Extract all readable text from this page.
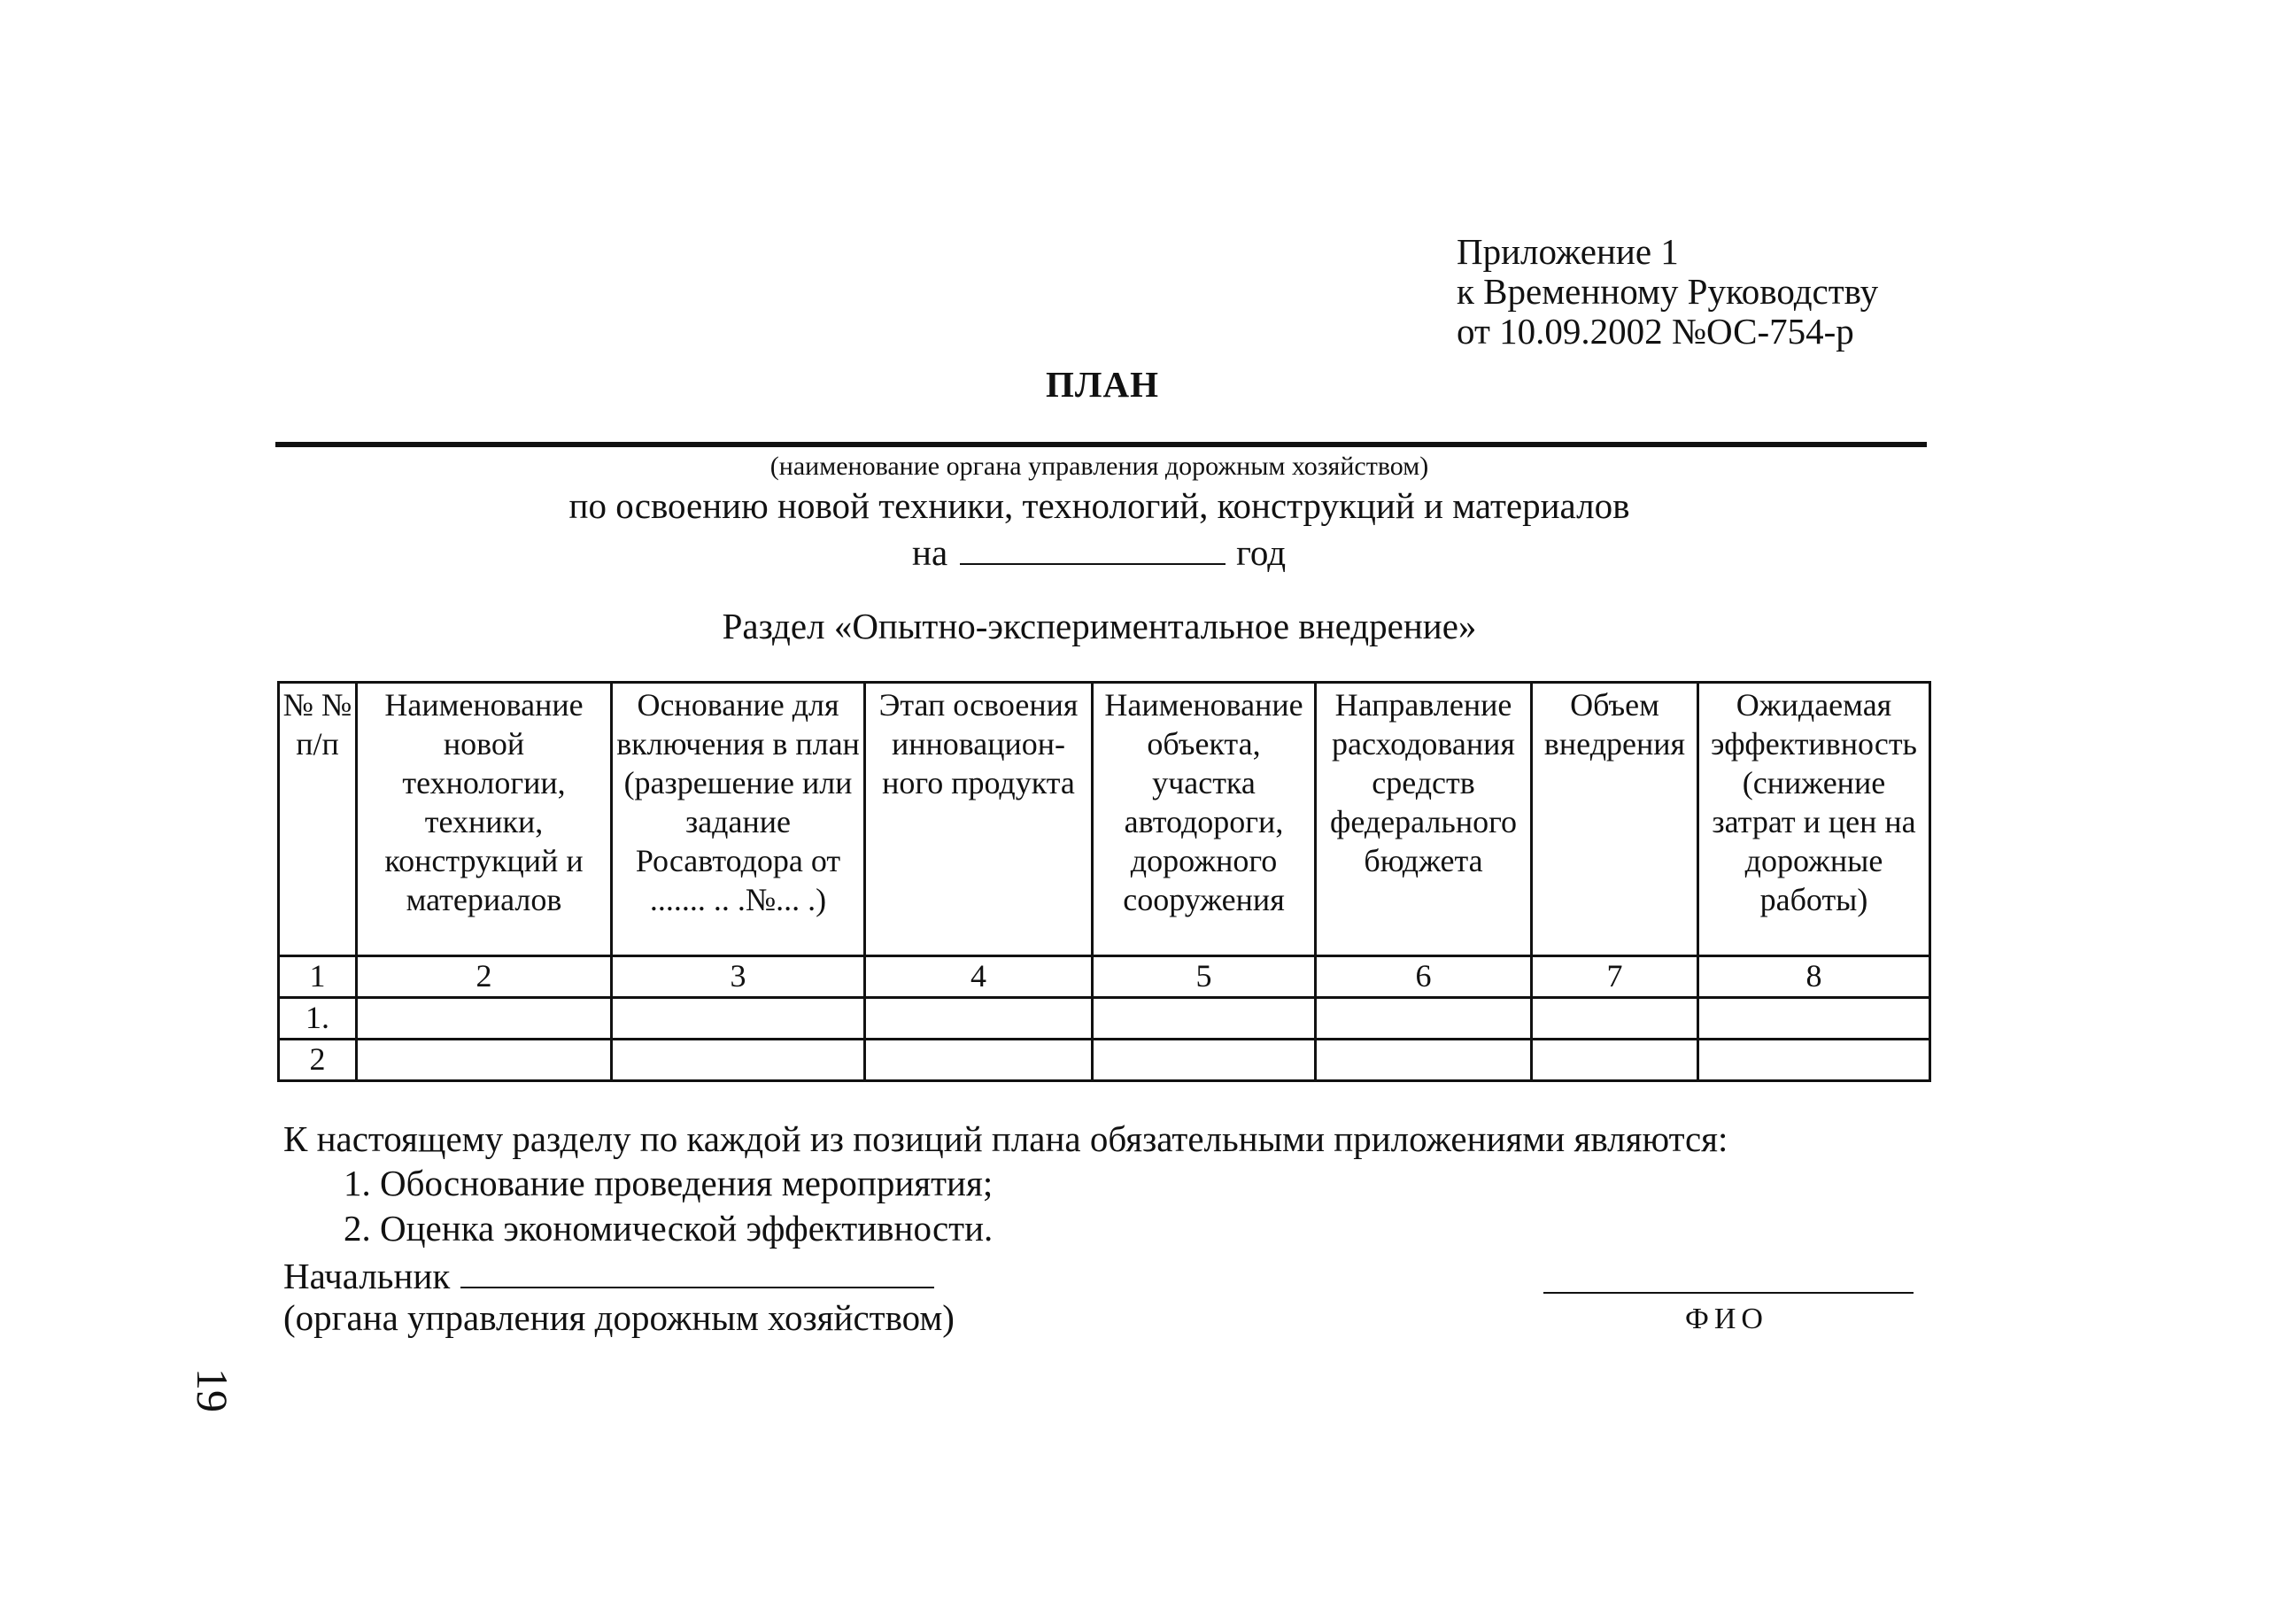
Приложение 1
к Временному Руководству
от 10.09.2002 №ОС-754-р
ПЛАН
(наименование органа управления дорожным хозяйством)
по освоению новой техники, технологий, конструкций и материалов
на	год
Раздел «Опытно-экспериментальное внедрение»
№ № п/п	Наименование новой технологии, техники, конструкций и материалов	Основание для включения в план (разрешение или задание Росавтодора от ....... .. .№... .)	Этап освоения инновацион-ного продукта	Наименование объекта, участка автодороги, дорожного сооружения	Направление расходования средств федерального бюджета	Объем внедрения	Ожидаемая эффективность (снижение затрат и цен на дорожные работы)
1	2	3	4	5	6	7	8
1.							
2							
К настоящему разделу по каждой из позиций плана обязательными приложениями являются:
1. Обоснование проведения мероприятия;
2. Оценка экономической эффективности.
Начальник
(органа управления дорожным хозяйством)	ФИО
19
